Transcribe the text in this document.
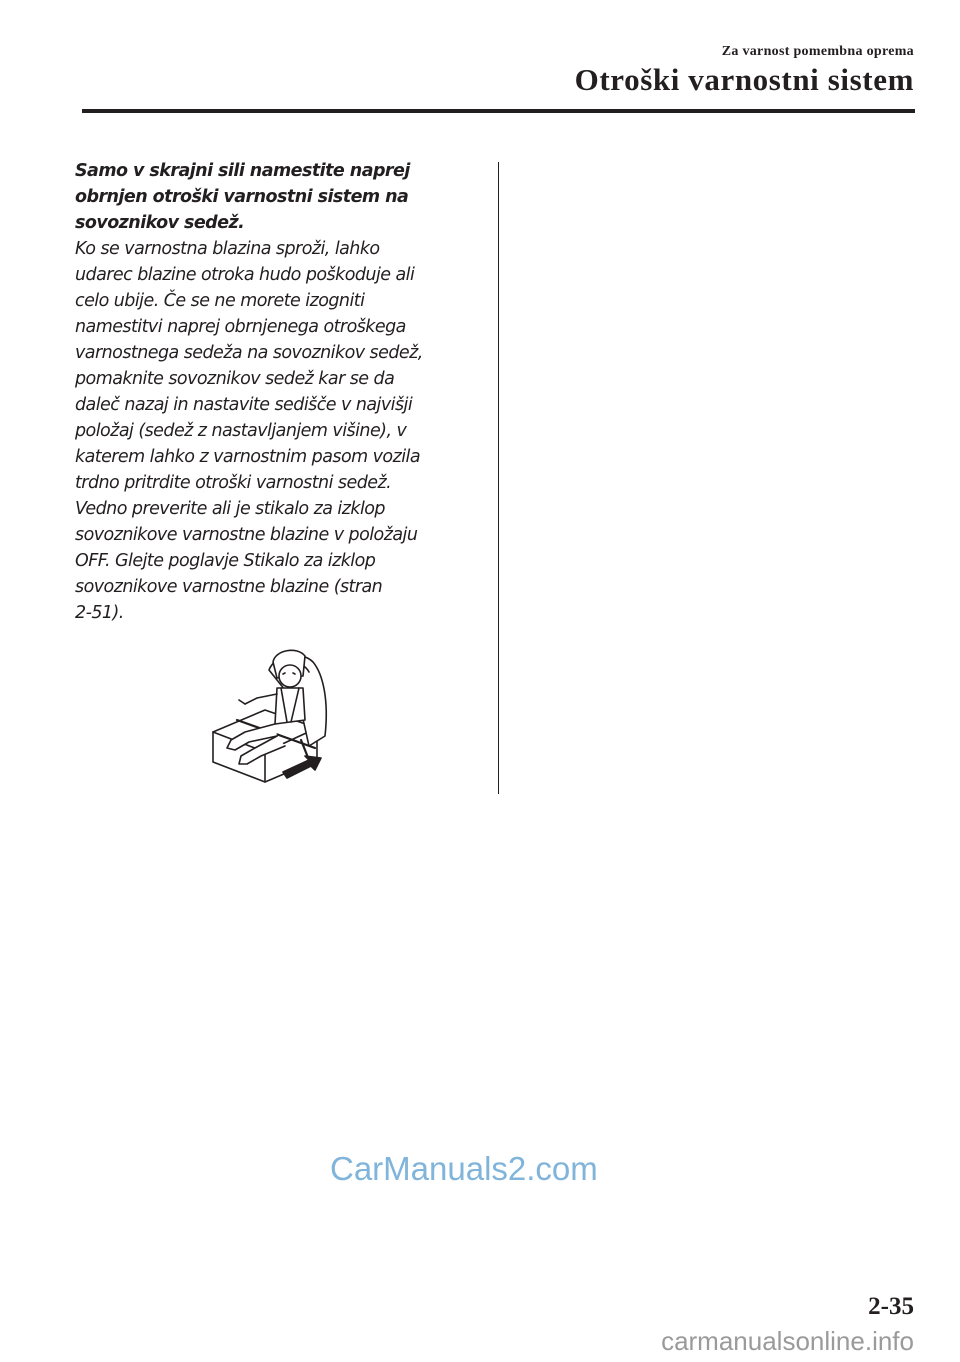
Za varnost pomembna oprema
Otroški varnostni sistem

Samo v skrajni sili namestite naprej
obrnjen otroški varnostni sistem na
sovoznikov sedež.

Ko se varnostna blazina sproži, lahko
udarec blazine otroka hudo poškoduje ali
celo ubije. Če se ne morete izogniti
namestitvi naprej obrnjenega otroškega
varnostnega sedeža na sovoznikov sedež,
pomaknite sovoznikov sedež kar se da
daleč nazaj in nastavite sedišče v najvišji
položaj (sedež z nastavljanjem višine), v
katerem lahko z varnostnim pasom vozila
trdno pritrdite otroški varnostni sedež.
Vedno preverite ali je stikalo za izklop
sovoznikove varnostne blazine v položaju
OFF. Glejte poglavje Stikalo za izklop
sovoznikove varnostne blazine (stran
2-51).

CarManuals2.com
2-35
carmanualsonline.info
